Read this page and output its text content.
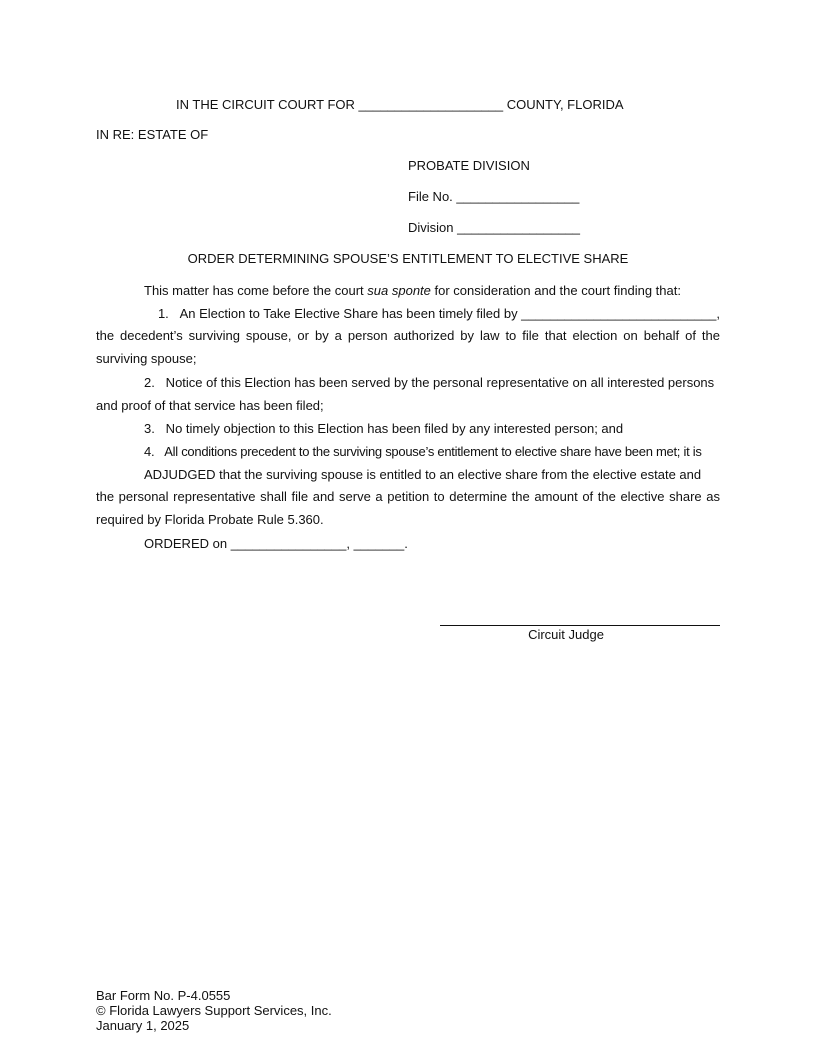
IN THE CIRCUIT COURT FOR ____________________ COUNTY, FLORIDA
IN RE: ESTATE OF
PROBATE DIVISION
File No. _________________
Division _________________
ORDER DETERMINING SPOUSE’S ENTITLEMENT TO ELECTIVE SHARE
This matter has come before the court sua sponte for consideration and the court finding that:
1.   An Election to Take Elective Share has been timely filed by ___________________________,
the decedent’s surviving spouse, or by a person authorized by law to file that election on behalf of the surviving spouse;
2.   Notice of this Election has been served by the personal representative on all interested persons
and proof of that service has been filed;
3.   No timely objection to this Election has been filed by any interested person; and
4.   All conditions precedent to the surviving spouse’s entitlement to elective share have been met; it is
ADJUDGED that the surviving spouse is entitled to an elective share from the elective estate and
the personal representative shall file and serve a petition to determine the amount of the elective share as required by Florida Probate Rule 5.360.
ORDERED on ________________, _______.
Circuit Judge
Bar Form No. P-4.0555
© Florida Lawyers Support Services, Inc.
January 1, 2025
